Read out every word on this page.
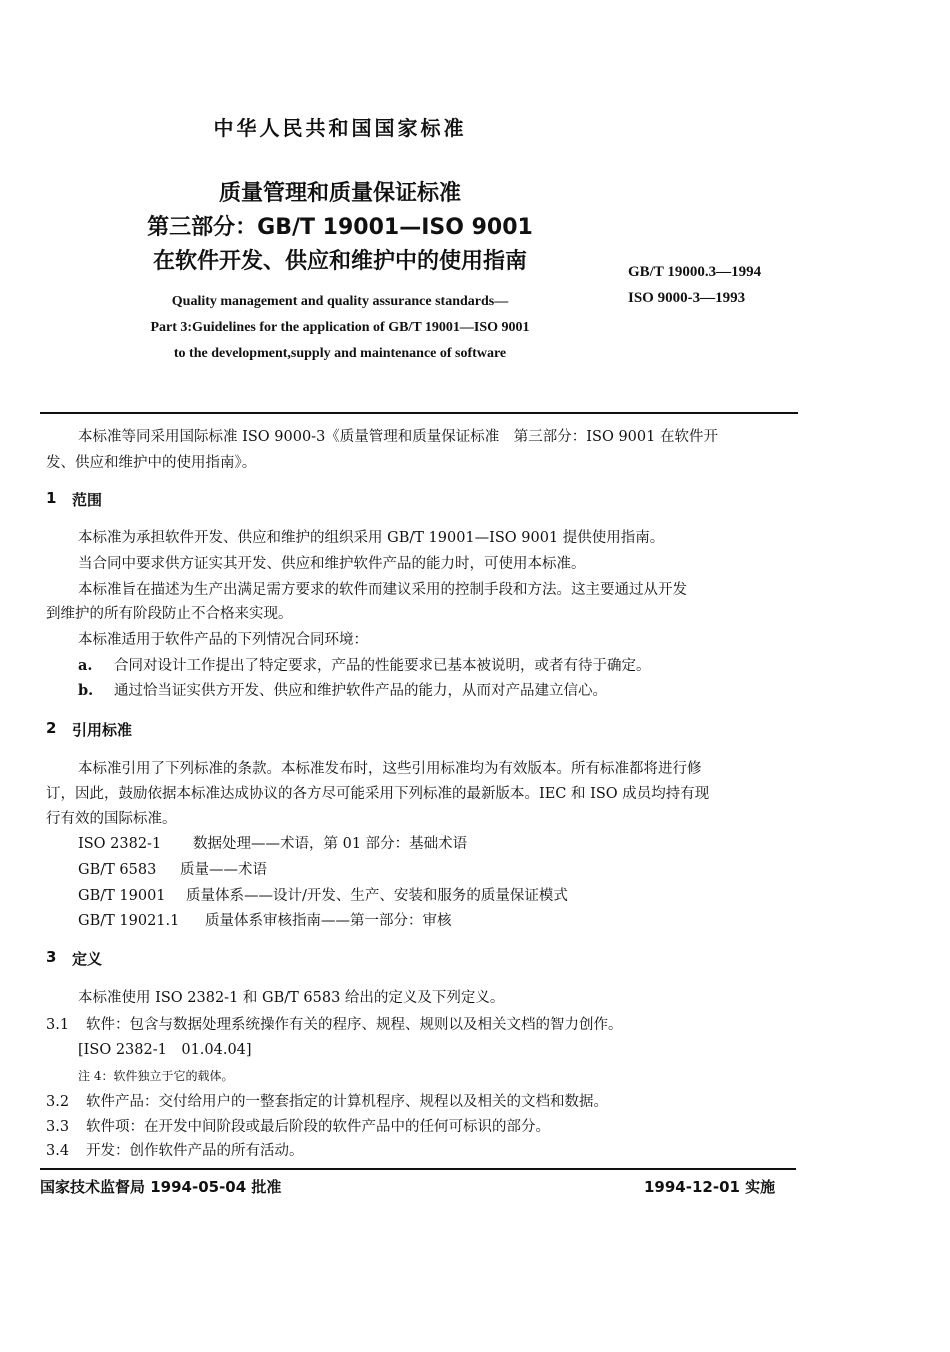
中华人民共和国国家标准
质量管理和质量保证标准
第三部分：GB/T 19001—ISO 9001
在软件开发、供应和维护中的使用指南	GB/T 19000.3—1994
ISO 9000-3—1993
Quality management and quality assurance standards—
Part 3:Guidelines for the application of GB/T 19001—ISO 9001
to the development,supply and maintenance of software
本标准等同采用国际标准 ISO 9000-3《质量管理和质量保证标准　第三部分：ISO 9001 在软件开
发、供应和维护中的使用指南》。
1 范围
本标准为承担软件开发、供应和维护的组织采用 GB/T 19001—ISO 9001 提供使用指南。
当合同中要求供方证实其开发、供应和维护软件产品的能力时，可使用本标准。
本标准旨在描述为生产出满足需方要求的软件而建议采用的控制手段和方法。这主要通过从开发
到维护的所有阶段防止不合格来实现。
本标准适用于软件产品的下列情况合同环境：
a. 合同对设计工作提出了特定要求，产品的性能要求已基本被说明，或者有待于确定。
b. 通过恰当证实供方开发、供应和维护软件产品的能力，从而对产品建立信心。
2 引用标准
本标准引用了下列标准的条款。本标准发布时，这些引用标准均为有效版本。所有标准都将进行修
订，因此，鼓励依据本标准达成协议的各方尽可能采用下列标准的最新版本。IEC 和 ISO 成员均持有现
行有效的国际标准。
ISO 2382-1 数据处理——术语，第 01 部分：基础术语
GB/T 6583 质量——术语
GB/T 19001 质量体系——设计/开发、生产、安装和服务的质量保证模式
GB/T 19021.1 质量体系审核指南——第一部分：审核
3 定义
本标准使用 ISO 2382-1 和 GB/T 6583 给出的定义及下列定义。
3.1 软件：包含与数据处理系统操作有关的程序、规程、规则以及相关文档的智力创作。
[ISO 2382-1　01.04.04]
注 4：软件独立于它的载体。
3.2 软件产品：交付给用户的一整套指定的计算机程序、规程以及相关的文档和数据。
3.3 软件项：在开发中间阶段或最后阶段的软件产品中的任何可标识的部分。
3.4 开发：创作软件产品的所有活动。
国家技术监督局 1994-05-04 批准	1994-12-01 实施
